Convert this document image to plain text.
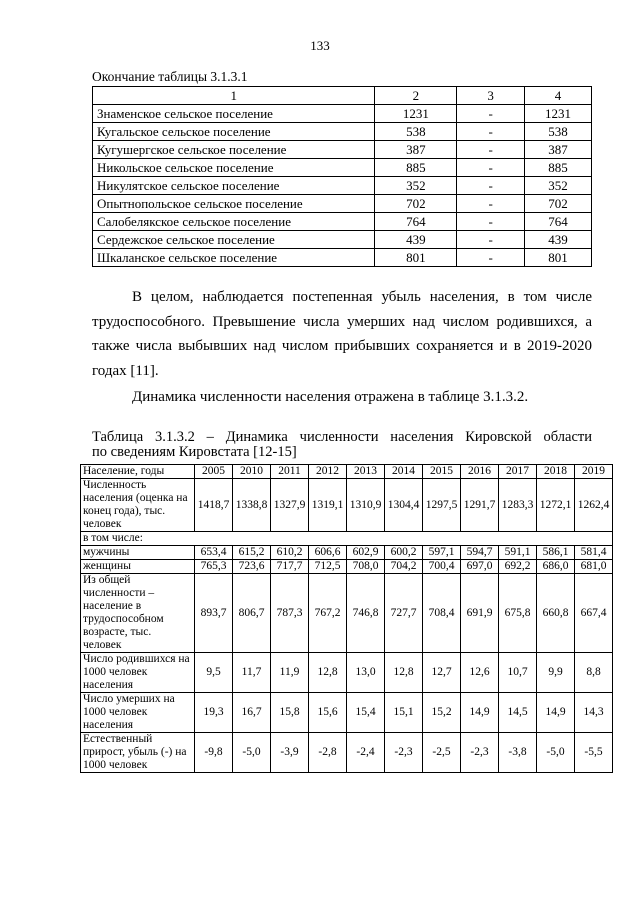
133
Окончание таблицы 3.1.3.1
1	2	3	4
Знаменское сельское поселение	1231	-	1231
Кугальское сельское поселение	538	-	538
Кугушергское сельское поселение	387	-	387
Никольское сельское поселение	885	-	885
Никулятское сельское поселение	352	-	352
Опытнопольское сельское поселение	702	-	702
Салобелякское сельское поселение	764	-	764
Сердежское сельское поселение	439	-	439
Шкаланское сельское поселение	801	-	801
В целом, наблюдается постепенная убыль населения, в том числе трудоспособного. Превышение числа умерших над числом родившихся, а также числа выбывших над числом прибывших сохраняется и в 2019-2020 годах [11].
Динамика численности населения отражена в таблице 3.1.3.2.
Таблица 3.1.3.2 – Динамика численности населения Кировской области
по сведениям Кировстата [12-15]
Население, годы	2005	2010	2011	2012	2013	2014	2015	2016	2017	2018	2019
Численность населения (оценка на конец года), тыс. человек	1418,7	1338,8	1327,9	1319,1	1310,9	1304,4	1297,5	1291,7	1283,3	1272,1	1262,4
в том числе:											
мужчины	653,4	615,2	610,2	606,6	602,9	600,2	597,1	594,7	591,1	586,1	581,4
женщины	765,3	723,6	717,7	712,5	708,0	704,2	700,4	697,0	692,2	686,0	681,0
Из общей численности – население в трудоспособном возрасте, тыс. человек	893,7	806,7	787,3	767,2	746,8	727,7	708,4	691,9	675,8	660,8	667,4
Число родившихся на 1000 человек населения	9,5	11,7	11,9	12,8	13,0	12,8	12,7	12,6	10,7	9,9	8,8
Число умерших на 1000 человек населения	19,3	16,7	15,8	15,6	15,4	15,1	15,2	14,9	14,5	14,9	14,3
Естественный прирост, убыль (-) на 1000 человек	-9,8	-5,0	-3,9	-2,8	-2,4	-2,3	-2,5	-2,3	-3,8	-5,0	-5,5
